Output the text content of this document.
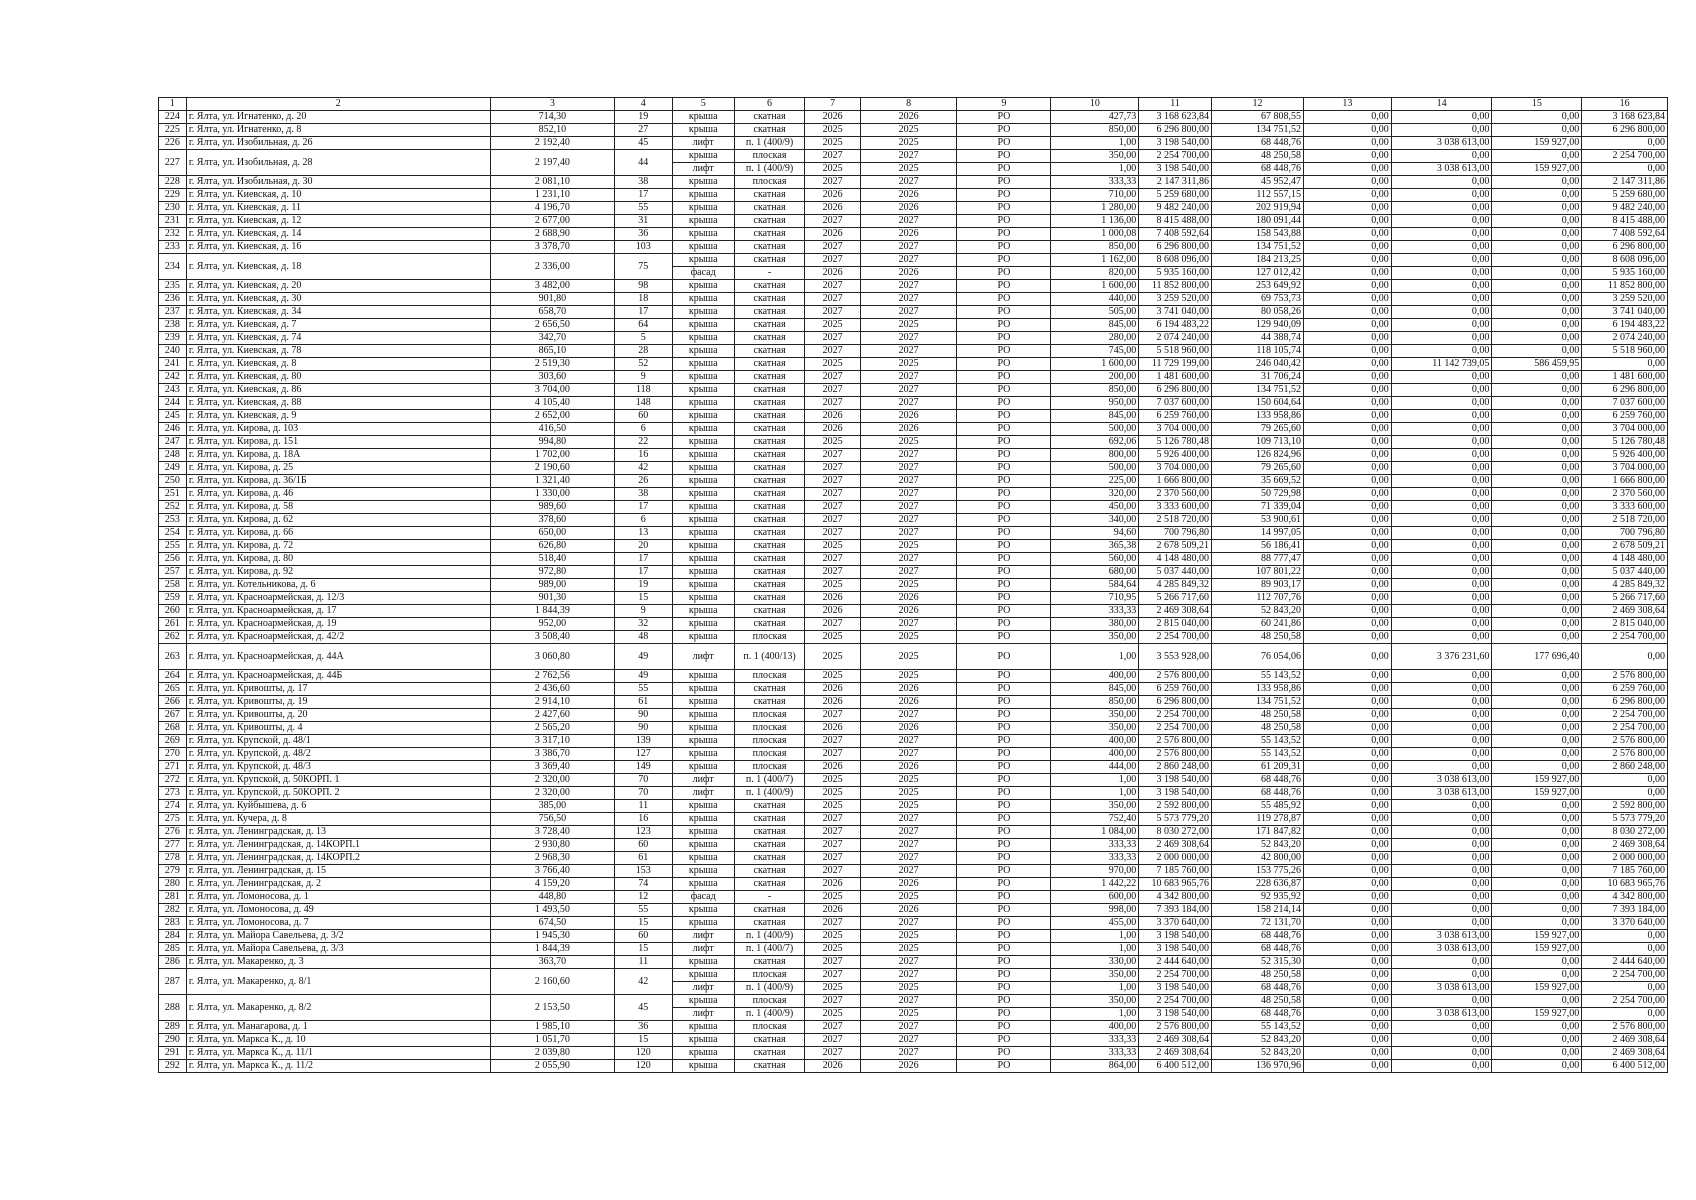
1	2	3	4	5	6	7	8	9	10	11	12	13	14	15	16
224	г. Ялта, ул. Игнатенко, д. 20	714,30	19	крыша	скатная	2026	2026	РО	427,73	3 168 623,84	67 808,55	0,00	0,00	0,00	3 168 623,84
225	г. Ялта, ул. Игнатенко, д. 8	852,10	27	крыша	скатная	2025	2025	РО	850,00	6 296 800,00	134 751,52	0,00	0,00	0,00	6 296 800,00
226	г. Ялта, ул. Изобильная, д. 26	2 192,40	45	лифт	п. 1 (400/9)	2025	2025	РО	1,00	3 198 540,00	68 448,76	0,00	3 038 613,00	159 927,00	0,00
227	г. Ялта, ул. Изобильная, д. 28	2 197,40	44	крыша	плоская	2027	2027	РО	350,00	2 254 700,00	48 250,58	0,00	0,00	0,00	2 254 700,00
				лифт	п. 1 (400/9)	2025	2025	РО	1,00	3 198 540,00	68 448,76	0,00	3 038 613,00	159 927,00	0,00
228	г. Ялта, ул. Изобильная, д. 30	2 081,10	38	крыша	плоская	2027	2027	РО	333,33	2 147 311,86	45 952,47	0,00	0,00	0,00	2 147 311,86
229	г. Ялта, ул. Киевская, д. 10	1 231,10	17	крыша	скатная	2026	2026	РО	710,00	5 259 680,00	112 557,15	0,00	0,00	0,00	5 259 680,00
230	г. Ялта, ул. Киевская, д. 11	4 196,70	55	крыша	скатная	2026	2026	РО	1 280,00	9 482 240,00	202 919,94	0,00	0,00	0,00	9 482 240,00
231	г. Ялта, ул. Киевская, д. 12	2 677,00	31	крыша	скатная	2027	2027	РО	1 136,00	8 415 488,00	180 091,44	0,00	0,00	0,00	8 415 488,00
232	г. Ялта, ул. Киевская, д. 14	2 688,90	36	крыша	скатная	2026	2026	РО	1 000,08	7 408 592,64	158 543,88	0,00	0,00	0,00	7 408 592,64
233	г. Ялта, ул. Киевская, д. 16	3 378,70	103	крыша	скатная	2027	2027	РО	850,00	6 296 800,00	134 751,52	0,00	0,00	0,00	6 296 800,00
234	г. Ялта, ул. Киевская, д. 18	2 336,00	75	крыша	скатная	2027	2027	РО	1 162,00	8 608 096,00	184 213,25	0,00	0,00	0,00	8 608 096,00
				фасад	-	2026	2026	РО	820,00	5 935 160,00	127 012,42	0,00	0,00	0,00	5 935 160,00
235	г. Ялта, ул. Киевская, д. 20	3 482,00	98	крыша	скатная	2027	2027	РО	1 600,00	11 852 800,00	253 649,92	0,00	0,00	0,00	11 852 800,00
236	г. Ялта, ул. Киевская, д. 30	901,80	18	крыша	скатная	2027	2027	РО	440,00	3 259 520,00	69 753,73	0,00	0,00	0,00	3 259 520,00
237	г. Ялта, ул. Киевская, д. 34	658,70	17	крыша	скатная	2027	2027	РО	505,00	3 741 040,00	80 058,26	0,00	0,00	0,00	3 741 040,00
238	г. Ялта, ул. Киевская, д. 7	2 656,50	64	крыша	скатная	2025	2025	РО	845,00	6 194 483,22	129 940,09	0,00	0,00	0,00	6 194 483,22
239	г. Ялта, ул. Киевская, д. 74	342,70	5	крыша	скатная	2027	2027	РО	280,00	2 074 240,00	44 388,74	0,00	0,00	0,00	2 074 240,00
240	г. Ялта, ул. Киевская, д. 78	865,10	28	крыша	скатная	2027	2027	РО	745,00	5 518 960,00	118 105,74	0,00	0,00	0,00	5 518 960,00
241	г. Ялта, ул. Киевская, д. 8	2 519,30	52	крыша	скатная	2025	2025	РО	1 600,00	11 729 199,00	246 040,42	0,00	11 142 739,05	586 459,95	0,00
242	г. Ялта, ул. Киевская, д. 80	303,60	9	крыша	скатная	2027	2027	РО	200,00	1 481 600,00	31 706,24	0,00	0,00	0,00	1 481 600,00
243	г. Ялта, ул. Киевская, д. 86	3 704,00	118	крыша	скатная	2027	2027	РО	850,00	6 296 800,00	134 751,52	0,00	0,00	0,00	6 296 800,00
244	г. Ялта, ул. Киевская, д. 88	4 105,40	148	крыша	скатная	2027	2027	РО	950,00	7 037 600,00	150 604,64	0,00	0,00	0,00	7 037 600,00
245	г. Ялта, ул. Киевская, д. 9	2 652,00	60	крыша	скатная	2026	2026	РО	845,00	6 259 760,00	133 958,86	0,00	0,00	0,00	6 259 760,00
246	г. Ялта, ул. Кирова, д. 103	416,50	6	крыша	скатная	2026	2026	РО	500,00	3 704 000,00	79 265,60	0,00	0,00	0,00	3 704 000,00
247	г. Ялта, ул. Кирова, д. 151	994,80	22	крыша	скатная	2025	2025	РО	692,06	5 126 780,48	109 713,10	0,00	0,00	0,00	5 126 780,48
248	г. Ялта, ул. Кирова, д. 18А	1 702,00	16	крыша	скатная	2027	2027	РО	800,00	5 926 400,00	126 824,96	0,00	0,00	0,00	5 926 400,00
249	г. Ялта, ул. Кирова, д. 25	2 190,60	42	крыша	скатная	2027	2027	РО	500,00	3 704 000,00	79 265,60	0,00	0,00	0,00	3 704 000,00
250	г. Ялта, ул. Кирова, д. 36/1Б	1 321,40	26	крыша	скатная	2027	2027	РО	225,00	1 666 800,00	35 669,52	0,00	0,00	0,00	1 666 800,00
251	г. Ялта, ул. Кирова, д. 46	1 330,00	38	крыша	скатная	2027	2027	РО	320,00	2 370 560,00	50 729,98	0,00	0,00	0,00	2 370 560,00
252	г. Ялта, ул. Кирова, д. 58	989,60	17	крыша	скатная	2027	2027	РО	450,00	3 333 600,00	71 339,04	0,00	0,00	0,00	3 333 600,00
253	г. Ялта, ул. Кирова, д. 62	378,60	6	крыша	скатная	2027	2027	РО	340,00	2 518 720,00	53 900,61	0,00	0,00	0,00	2 518 720,00
254	г. Ялта, ул. Кирова, д. 66	650,00	13	крыша	скатная	2027	2027	РО	94,60	700 796,80	14 997,05	0,00	0,00	0,00	700 796,80
255	г. Ялта, ул. Кирова, д. 72	626,80	20	крыша	скатная	2025	2025	РО	365,38	2 678 509,21	56 186,41	0,00	0,00	0,00	2 678 509,21
256	г. Ялта, ул. Кирова, д. 80	518,40	17	крыша	скатная	2027	2027	РО	560,00	4 148 480,00	88 777,47	0,00	0,00	0,00	4 148 480,00
257	г. Ялта, ул. Кирова, д. 92	972,80	17	крыша	скатная	2027	2027	РО	680,00	5 037 440,00	107 801,22	0,00	0,00	0,00	5 037 440,00
258	г. Ялта, ул. Котельникова, д. 6	989,00	19	крыша	скатная	2025	2025	РО	584,64	4 285 849,32	89 903,17	0,00	0,00	0,00	4 285 849,32
259	г. Ялта, ул. Красноармейская, д. 12/3	901,30	15	крыша	скатная	2026	2026	РО	710,95	5 266 717,60	112 707,76	0,00	0,00	0,00	5 266 717,60
260	г. Ялта, ул. Красноармейская, д. 17	1 844,39	9	крыша	скатная	2026	2026	РО	333,33	2 469 308,64	52 843,20	0,00	0,00	0,00	2 469 308,64
261	г. Ялта, ул. Красноармейская, д. 19	952,00	32	крыша	скатная	2027	2027	РО	380,00	2 815 040,00	60 241,86	0,00	0,00	0,00	2 815 040,00
262	г. Ялта, ул. Красноармейская, д. 42/2	3 508,40	48	крыша	плоская	2025	2025	РО	350,00	2 254 700,00	48 250,58	0,00	0,00	0,00	2 254 700,00
263	г. Ялта, ул. Красноармейская, д. 44А	3 060,80	49	лифт	п. 1 (400/13)	2025	2025	РО	1,00	3 553 928,00	76 054,06	0,00	3 376 231,60	177 696,40	0,00
264	г. Ялта, ул. Красноармейская, д. 44Б	2 762,56	49	крыша	плоская	2025	2025	РО	400,00	2 576 800,00	55 143,52	0,00	0,00	0,00	2 576 800,00
265	г. Ялта, ул. Кривошты, д. 17	2 436,60	55	крыша	скатная	2026	2026	РО	845,00	6 259 760,00	133 958,86	0,00	0,00	0,00	6 259 760,00
266	г. Ялта, ул. Кривошты, д. 19	2 914,10	61	крыша	скатная	2026	2026	РО	850,00	6 296 800,00	134 751,52	0,00	0,00	0,00	6 296 800,00
267	г. Ялта, ул. Кривошты, д. 20	2 427,60	90	крыша	плоская	2027	2027	РО	350,00	2 254 700,00	48 250,58	0,00	0,00	0,00	2 254 700,00
268	г. Ялта, ул. Кривошты, д. 4	2 565,20	90	крыша	плоская	2026	2026	РО	350,00	2 254 700,00	48 250,58	0,00	0,00	0,00	2 254 700,00
269	г. Ялта, ул. Крупской, д. 48/1	3 317,10	139	крыша	плоская	2027	2027	РО	400,00	2 576 800,00	55 143,52	0,00	0,00	0,00	2 576 800,00
270	г. Ялта, ул. Крупской, д. 48/2	3 386,70	127	крыша	плоская	2027	2027	РО	400,00	2 576 800,00	55 143,52	0,00	0,00	0,00	2 576 800,00
271	г. Ялта, ул. Крупской, д. 48/3	3 369,40	149	крыша	плоская	2026	2026	РО	444,00	2 860 248,00	61 209,31	0,00	0,00	0,00	2 860 248,00
272	г. Ялта, ул. Крупской, д. 50КОРП. 1	2 320,00	70	лифт	п. 1 (400/7)	2025	2025	РО	1,00	3 198 540,00	68 448,76	0,00	3 038 613,00	159 927,00	0,00
273	г. Ялта, ул. Крупской, д. 50КОРП. 2	2 320,00	70	лифт	п. 1 (400/9)	2025	2025	РО	1,00	3 198 540,00	68 448,76	0,00	3 038 613,00	159 927,00	0,00
274	г. Ялта, ул. Куйбышева, д. 6	385,00	11	крыша	скатная	2025	2025	РО	350,00	2 592 800,00	55 485,92	0,00	0,00	0,00	2 592 800,00
275	г. Ялта, ул. Кучера, д. 8	756,50	16	крыша	скатная	2027	2027	РО	752,40	5 573 779,20	119 278,87	0,00	0,00	0,00	5 573 779,20
276	г. Ялта, ул. Ленинградская, д. 13	3 728,40	123	крыша	скатная	2027	2027	РО	1 084,00	8 030 272,00	171 847,82	0,00	0,00	0,00	8 030 272,00
277	г. Ялта, ул. Ленинградская, д. 14КОРП.1	2 930,80	60	крыша	скатная	2027	2027	РО	333,33	2 469 308,64	52 843,20	0,00	0,00	0,00	2 469 308,64
278	г. Ялта, ул. Ленинградская, д. 14КОРП.2	2 968,30	61	крыша	скатная	2027	2027	РО	333,33	2 000 000,00	42 800,00	0,00	0,00	0,00	2 000 000,00
279	г. Ялта, ул. Ленинградская, д. 15	3 766,40	153	крыша	скатная	2027	2027	РО	970,00	7 185 760,00	153 775,26	0,00	0,00	0,00	7 185 760,00
280	г. Ялта, ул. Ленинградская, д. 2	4 159,20	74	крыша	скатная	2026	2026	РО	1 442,22	10 683 965,76	228 636,87	0,00	0,00	0,00	10 683 965,76
281	г. Ялта, ул. Ломоносова, д. 1	448,80	12	фасад	-	2025	2025	РО	600,00	4 342 800,00	92 935,92	0,00	0,00	0,00	4 342 800,00
282	г. Ялта, ул. Ломоносова, д. 49	1 493,50	55	крыша	скатная	2026	2026	РО	998,00	7 393 184,00	158 214,14	0,00	0,00	0,00	7 393 184,00
283	г. Ялта, ул. Ломоносова, д. 7	674,50	15	крыша	скатная	2027	2027	РО	455,00	3 370 640,00	72 131,70	0,00	0,00	0,00	3 370 640,00
284	г. Ялта, ул. Майора Савельева, д. 3/2	1 945,30	60	лифт	п. 1 (400/9)	2025	2025	РО	1,00	3 198 540,00	68 448,76	0,00	3 038 613,00	159 927,00	0,00
285	г. Ялта, ул. Майора Савельева, д. 3/3	1 844,39	15	лифт	п. 1 (400/7)	2025	2025	РО	1,00	3 198 540,00	68 448,76	0,00	3 038 613,00	159 927,00	0,00
286	г. Ялта, ул. Макаренко, д. 3	363,70	11	крыша	скатная	2027	2027	РО	330,00	2 444 640,00	52 315,30	0,00	0,00	0,00	2 444 640,00
287	г. Ялта, ул. Макаренко, д. 8/1	2 160,60	42	крыша	плоская	2027	2027	РО	350,00	2 254 700,00	48 250,58	0,00	0,00	0,00	2 254 700,00
				лифт	п. 1 (400/9)	2025	2025	РО	1,00	3 198 540,00	68 448,76	0,00	3 038 613,00	159 927,00	0,00
288	г. Ялта, ул. Макаренко, д. 8/2	2 153,50	45	крыша	плоская	2027	2027	РО	350,00	2 254 700,00	48 250,58	0,00	0,00	0,00	2 254 700,00
				лифт	п. 1 (400/9)	2025	2025	РО	1,00	3 198 540,00	68 448,76	0,00	3 038 613,00	159 927,00	0,00
289	г. Ялта, ул. Манагарова, д. 1	1 985,10	36	крыша	плоская	2027	2027	РО	400,00	2 576 800,00	55 143,52	0,00	0,00	0,00	2 576 800,00
290	г. Ялта, ул. Маркса К., д. 10	1 051,70	15	крыша	скатная	2027	2027	РО	333,33	2 469 308,64	52 843,20	0,00	0,00	0,00	2 469 308,64
291	г. Ялта, ул. Маркса К., д. 11/1	2 039,80	120	крыша	скатная	2027	2027	РО	333,33	2 469 308,64	52 843,20	0,00	0,00	0,00	2 469 308,64
292	г. Ялта, ул. Маркса К., д. 11/2	2 055,90	120	крыша	скатная	2026	2026	РО	864,00	6 400 512,00	136 970,96	0,00	0,00	0,00	6 400 512,00
